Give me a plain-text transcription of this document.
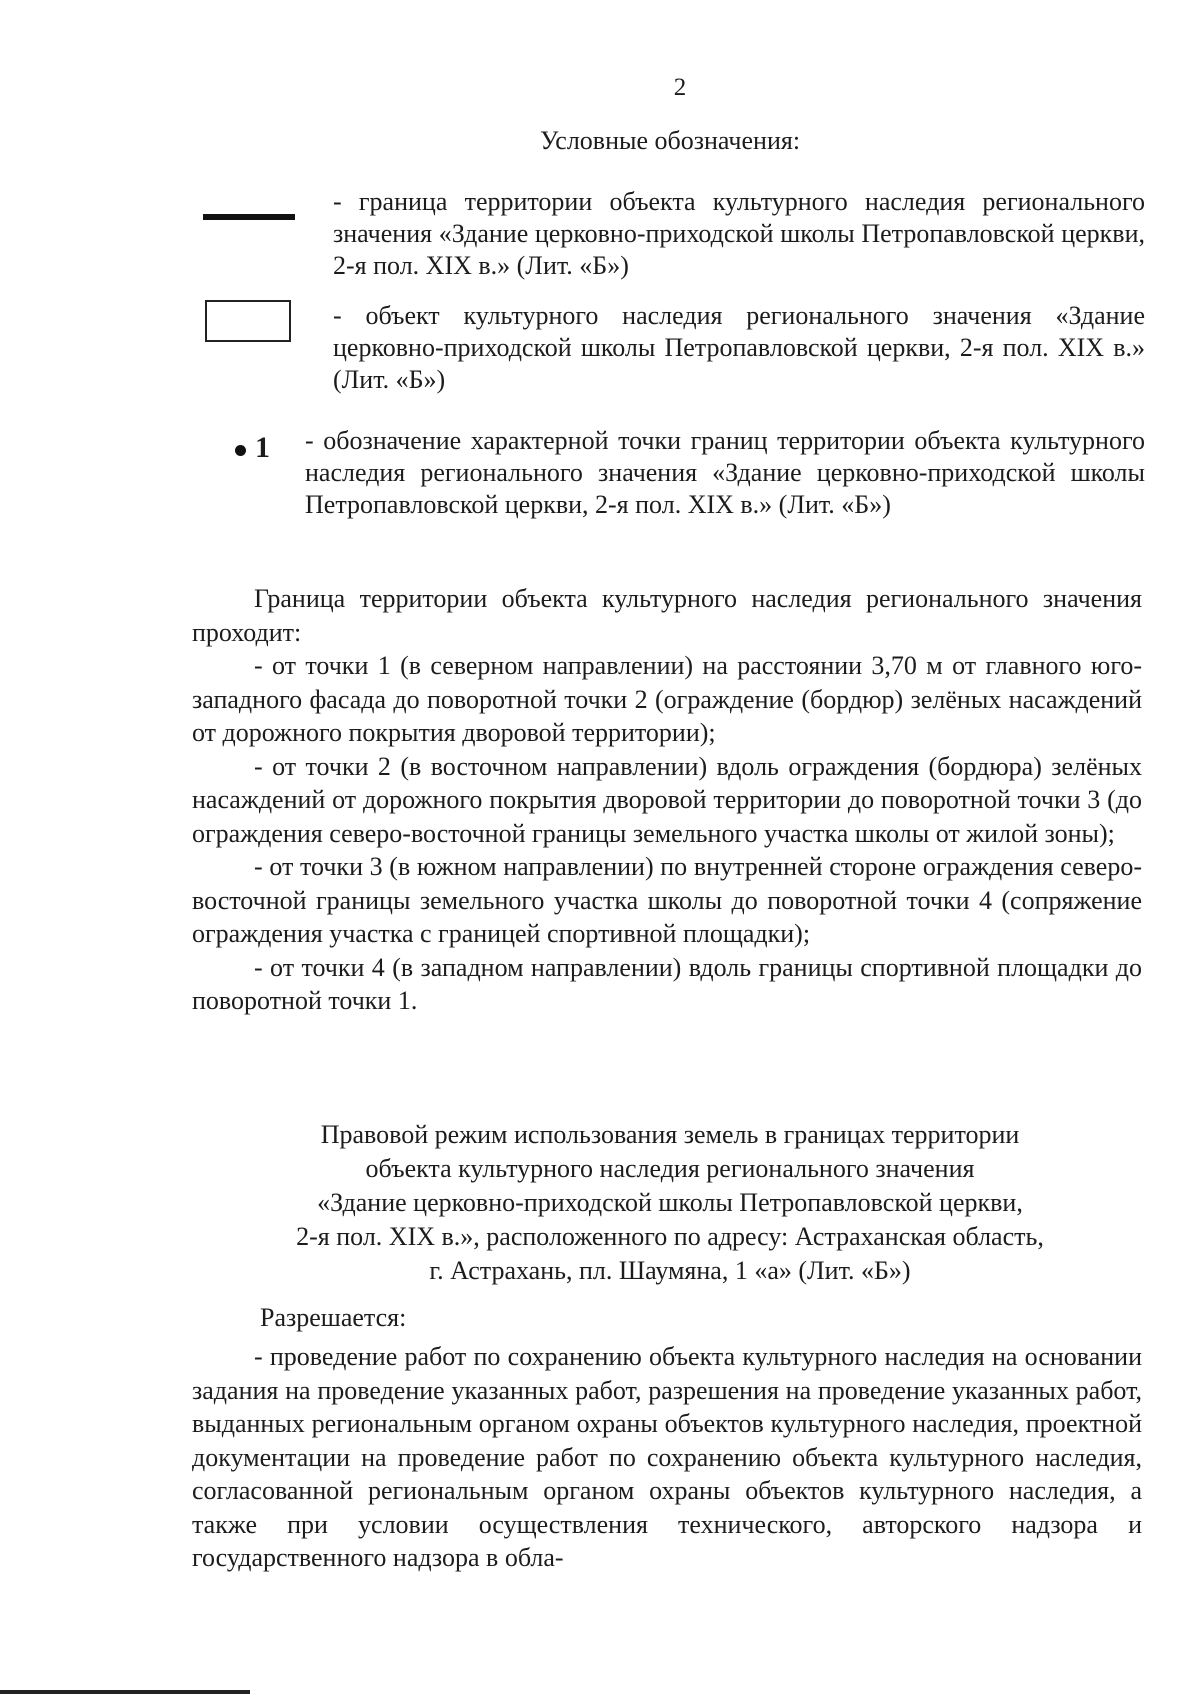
2
Условные обозначения:
- граница территории объекта культурного наследия регионального значения «Здание церковно-приходской школы Петропавловской церкви, 2-я пол. XIX в.» (Лит. «Б»)
- объект культурного наследия регионального значения «Здание церковно-приходской школы Петропавловской церкви, 2-я пол. XIX в.» (Лит. «Б»)
1 - обозначение характерной точки границ территории объекта культурного наследия регионального значения «Здание церковно-приходской школы Петропавловской церкви, 2-я пол. XIX в.» (Лит. «Б»)

Граница территории объекта культурного наследия регионального значения проходит:

- от точки 1 (в северном направлении) на расстоянии 3,70 м от главного юго-западного фасада до поворотной точки 2 (ограждение (бордюр) зелёных насаждений от дорожного покрытия дворовой территории);

- от точки 2 (в восточном направлении) вдоль ограждения (бордюра) зелёных насаждений от дорожного покрытия дворовой территории до поворотной точки 3 (до ограждения северо-восточной границы земельного участка школы от жилой зоны);

- от точки 3 (в южном направлении) по внутренней стороне ограждения северо-восточной границы земельного участка школы до поворотной точки 4 (сопряжение ограждения участка с границей спортивной площадки);

- от точки 4 (в западном направлении) вдоль границы спортивной площадки до поворотной точки 1.

Правовой режим использования земель в границах территории
объекта культурного наследия регионального значения
«Здание церковно-приходской школы Петропавловской церкви,
2-я пол. XIX в.», расположенного по адресу: Астраханская область,
г. Астрахань, пл. Шаумяна, 1 «а» (Лит. «Б»)
Разрешается:

- проведение работ по сохранению объекта культурного наследия на основании задания на проведение указанных работ, разрешения на проведение указанных работ, выданных региональным органом охраны объектов культурного наследия, проектной документации на проведение работ по сохранению объекта культурного наследия, согласованной региональным органом охраны объектов культурного наследия, а также при условии осуществления технического, авторского надзора и государственного надзора в обла-
